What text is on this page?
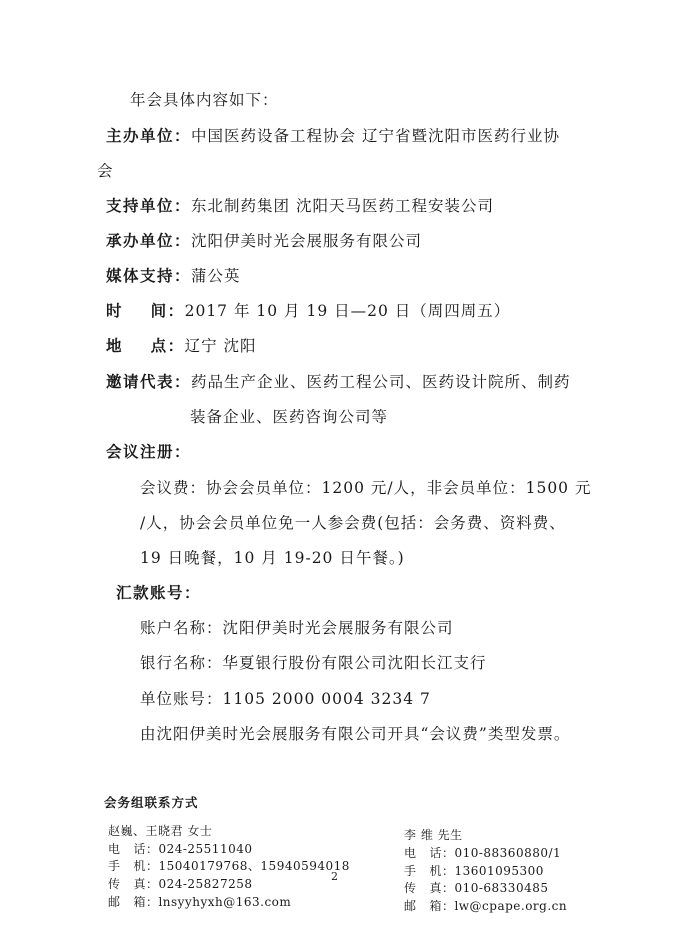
年会具体内容如下：
主办单位：中国医药设备工程协会 辽宁省暨沈阳市医药行业协
会
支持单位：东北制药集团 沈阳天马医药工程安装公司
承办单位：沈阳伊美时光会展服务有限公司
媒体支持：蒲公英
时    间：2017 年 10 月 19 日—20 日（周四周五）
地    点：辽宁 沈阳
邀请代表：药品生产企业、医药工程公司、医药设计院所、制药
装备企业、医药咨询公司等
会议注册：
会议费：协会会员单位：1200 元/人，非会员单位：1500 元
/人，协会会员单位免一人参会费(包括：会务费、资料费、
19 日晚餐，10 月 19-20 日午餐。)
汇款账号：
账户名称：沈阳伊美时光会展服务有限公司
银行名称：华夏银行股份有限公司沈阳长江支行
单位账号：1105 2000 0004 3234 7
由沈阳伊美时光会展服务有限公司开具“会议费”类型发票。
会务组联系方式
赵巍、王晓君 女士
电   话：024-25511040
手   机：15040179768、15940594018
传   真：024-25827258
邮   箱：lnsyyhyxh@163.com
2
李 维 先生
电   话：010-88360880/1
手   机：13601095300
传   真：010-68330485
邮   箱：lw@cpape.org.cn
